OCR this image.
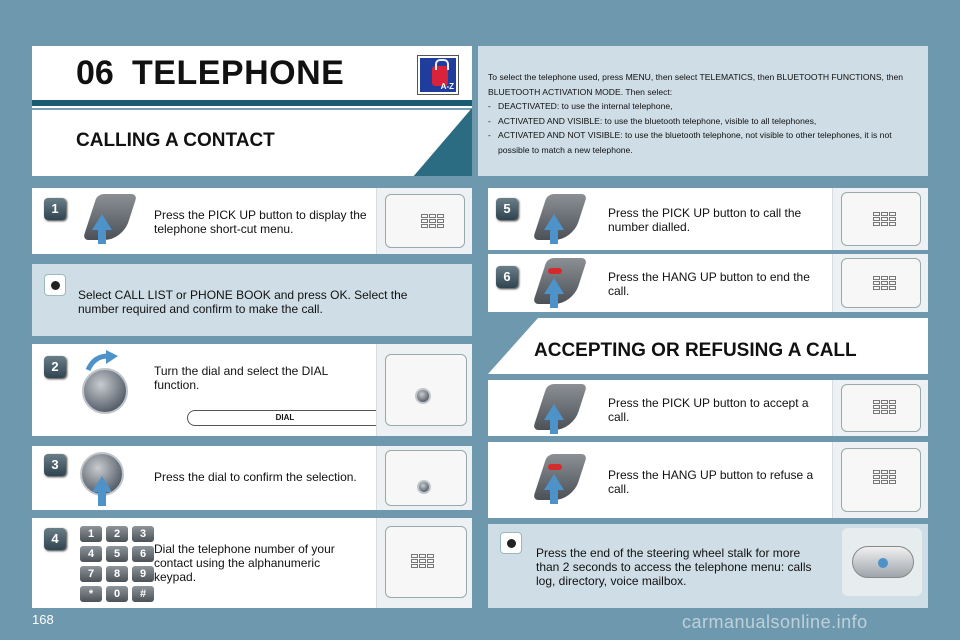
06 TELEPHONE	A-Z
CALLING A CONTACT
To select the telephone used, press MENU, then select TELEMATICS, then BLUETOOTH FUNCTIONS, then BLUETOOTH ACTIVATION MODE. Then select:
- DEACTIVATED: to use the internal telephone,
- ACTIVATED AND VISIBLE: to use the bluetooth telephone, visible to all telephones,
- ACTIVATED AND NOT VISIBLE: to use the bluetooth telephone, not visible to other telephones, it is not possible to match a new telephone.
1	Press the PICK UP button to display the telephone short-cut menu.
Select CALL LIST or PHONE BOOK and press OK. Select the number required and confirm to make the call.
2	Turn the dial and select the DIAL function.
DIAL
3
Press the dial to confirm the selection.
4	1	2	3
4	5	6
7	8	9
*	0	#
Dial the telephone number of your contact using the alphanumeric keypad.
5	Press the PICK UP button to call the number dialled.
6	Press the HANG UP button to end the call.
ACCEPTING OR REFUSING A CALL
Press the PICK UP button to accept a call.
Press the HANG UP button to refuse a call.
Press the end of the steering wheel stalk for more than 2 seconds to access the telephone menu: calls log, directory, voice mailbox.
168	carmanualsonline.info
